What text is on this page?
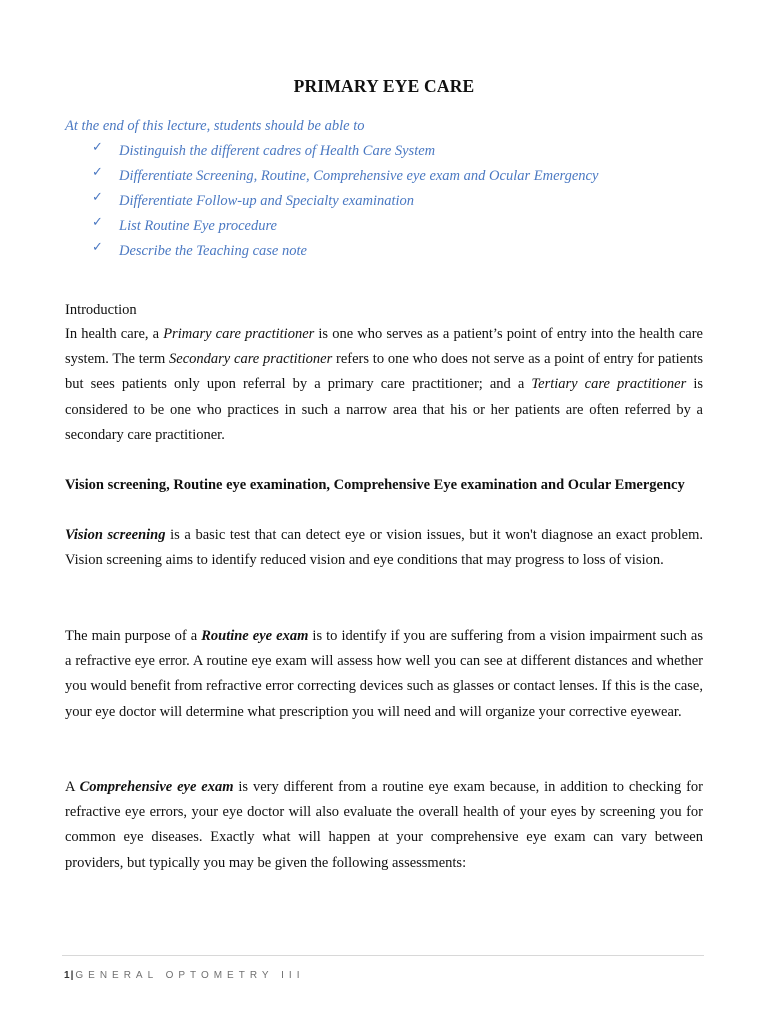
PRIMARY EYE CARE
At the end of this lecture, students should be able to
✓ Distinguish the different cadres of Health Care System
✓ Differentiate Screening, Routine, Comprehensive eye exam and Ocular Emergency
✓ Differentiate Follow-up and Specialty examination
✓ List Routine Eye procedure
✓ Describe the Teaching case note
Introduction
In health care, a Primary care practitioner is one who serves as a patient’s point of entry into the health care system. The term Secondary care practitioner refers to one who does not serve as a point of entry for patients but sees patients only upon referral by a primary care practitioner; and a Tertiary care practitioner is considered to be one who practices in such a narrow area that his or her patients are often referred by a secondary care practitioner.
Vision screening, Routine eye examination, Comprehensive Eye examination and Ocular Emergency
Vision screening is a basic test that can detect eye or vision issues, but it won't diagnose an exact problem. Vision screening aims to identify reduced vision and eye conditions that may progress to loss of vision.
The main purpose of a Routine eye exam is to identify if you are suffering from a vision impairment such as a refractive eye error. A routine eye exam will assess how well you can see at different distances and whether you would benefit from refractive error correcting devices such as glasses or contact lenses. If this is the case, your eye doctor will determine what prescription you will need and will organize your corrective eyewear.
A Comprehensive eye exam is very different from a routine eye exam because, in addition to checking for refractive eye errors, your eye doctor will also evaluate the overall health of your eyes by screening you for common eye diseases. Exactly what will happen at your comprehensive eye exam can vary between providers, but typically you may be given the following assessments:
1| GENERAL OPTOMETRY III
